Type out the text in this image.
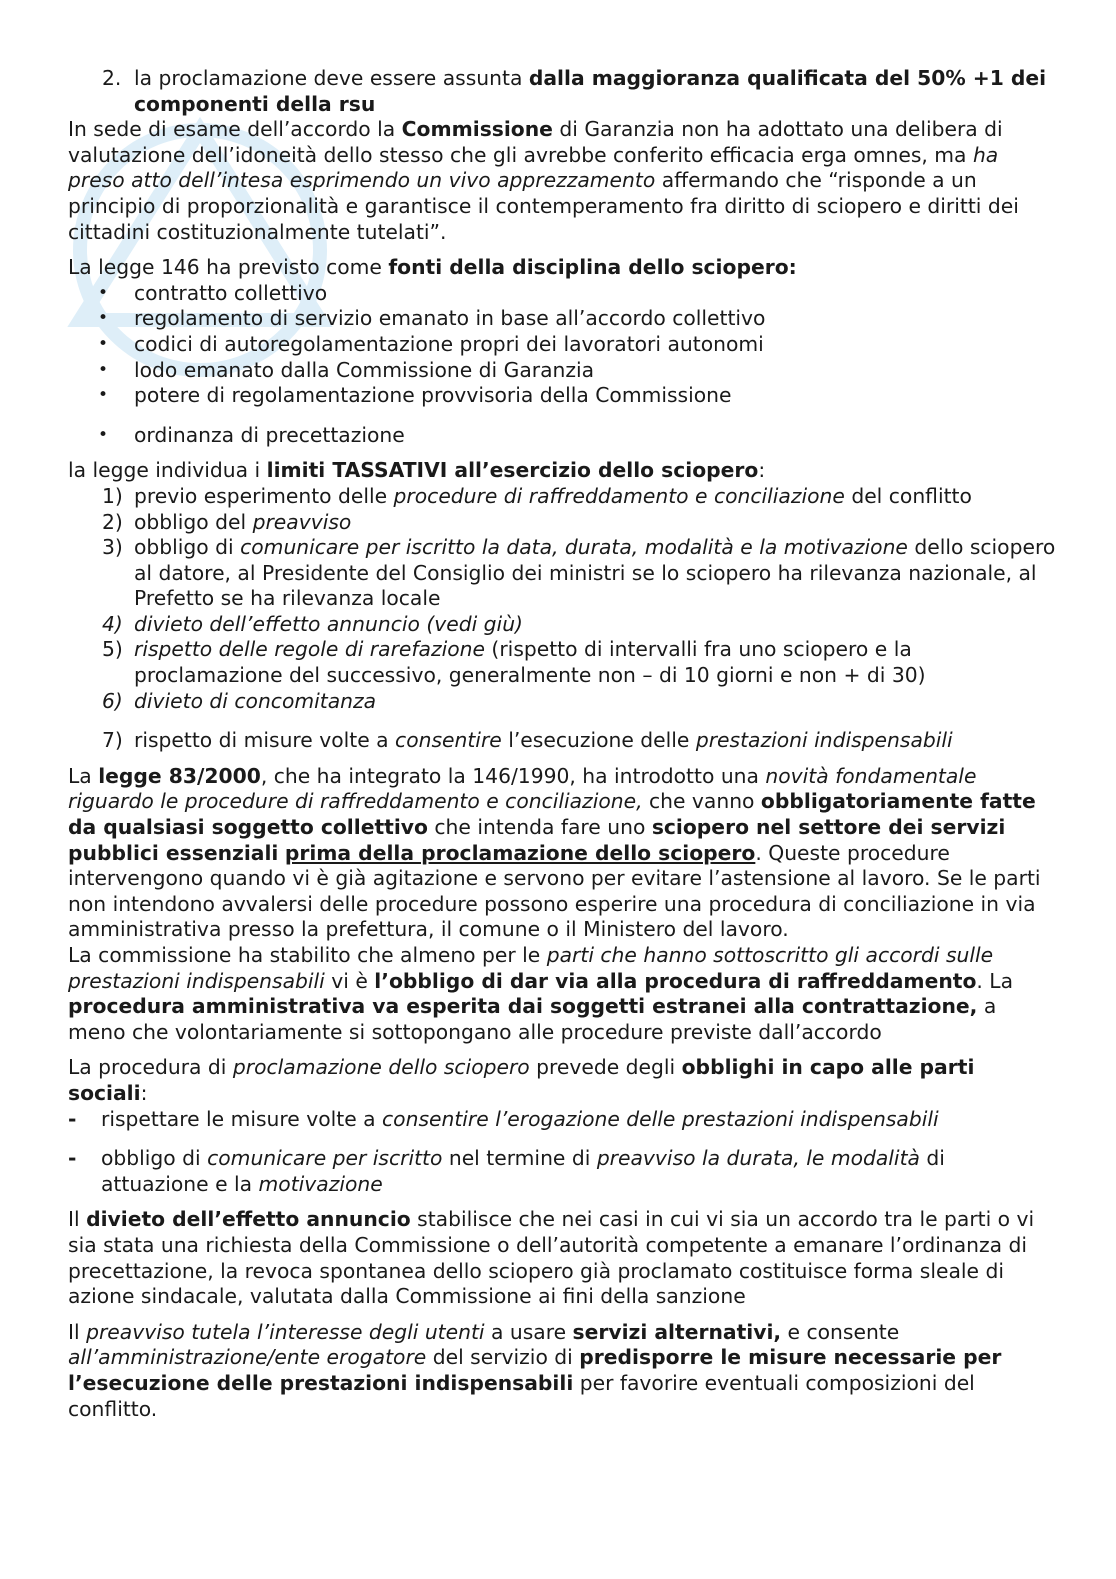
2. la proclamazione deve essere assunta dalla maggioranza qualificata del 50% +1 dei componenti della rsu

In sede di esame dell’accordo la Commissione di Garanzia non ha adottato una delibera di valutazione dell’idoneità dello stesso che gli avrebbe conferito efficacia erga omnes, ma ha preso atto dell’intesa esprimendo un vivo apprezzamento affermando che “risponde a un principio di proporzionalità e garantisce il contemperamento fra diritto di sciopero e diritti dei cittadini costituzionalmente tutelati”.

La legge 146 ha previsto come fonti della disciplina dello sciopero:

• contratto collettivo
• regolamento di servizio emanato in base all’accordo collettivo
• codici di autoregolamentazione propri dei lavoratori autonomi
• lodo emanato dalla Commissione di Garanzia
• potere di regolamentazione provvisoria della Commissione
• ordinanza di precettazione

la legge individua i limiti TASSATIVI all’esercizio dello sciopero:

1) previo esperimento delle procedure di raffreddamento e conciliazione del conflitto
2) obbligo del preavviso
3) obbligo di comunicare per iscritto la data, durata, modalità e la motivazione dello sciopero al datore, al Presidente del Consiglio dei ministri se lo sciopero ha rilevanza nazionale, al Prefetto se ha rilevanza locale
4) divieto dell’effetto annuncio (vedi giù)
5) rispetto delle regole di rarefazione (rispetto di intervalli fra uno sciopero e la proclamazione del successivo, generalmente non – di 10 giorni e non + di 30)
6) divieto di concomitanza
7) rispetto di misure volte a consentire l’esecuzione delle prestazioni indispensabili

La legge 83/2000, che ha integrato la 146/1990, ha introdotto una novità fondamentale riguardo le procedure di raffreddamento e conciliazione, che vanno obbligatoriamente fatte da qualsiasi soggetto collettivo che intenda fare uno sciopero nel settore dei servizi pubblici essenziali prima della proclamazione dello sciopero. Queste procedure intervengono quando vi è già agitazione e servono per evitare l’astensione al lavoro. Se le parti non intendono avvalersi delle procedure possono esperire una procedura di conciliazione in via amministrativa presso la prefettura, il comune o il Ministero del lavoro.

La commissione ha stabilito che almeno per le parti che hanno sottoscritto gli accordi sulle prestazioni indispensabili vi è l’obbligo di dar via alla procedura di raffreddamento. La procedura amministrativa va esperita dai soggetti estranei alla contrattazione, a meno che volontariamente si sottopongano alle procedure previste dall’accordo

La procedura di proclamazione dello sciopero prevede degli obblighi in capo alle parti sociali:

- rispettare le misure volte a consentire l’erogazione delle prestazioni indispensabili
- obbligo di comunicare per iscritto nel termine di preavviso la durata, le modalità di attuazione e la motivazione

Il divieto dell’effetto annuncio stabilisce che nei casi in cui vi sia un accordo tra le parti o vi sia stata una richiesta della Commissione o dell’autorità competente a emanare l’ordinanza di precettazione, la revoca spontanea dello sciopero già proclamato costituisce forma sleale di azione sindacale, valutata dalla Commissione ai fini della sanzione

Il preavviso tutela l’interesse degli utenti a usare servizi alternativi, e consente all’amministrazione/ente erogatore del servizio di predisporre le misure necessarie per l’esecuzione delle prestazioni indispensabili per favorire eventuali composizioni del conflitto.
